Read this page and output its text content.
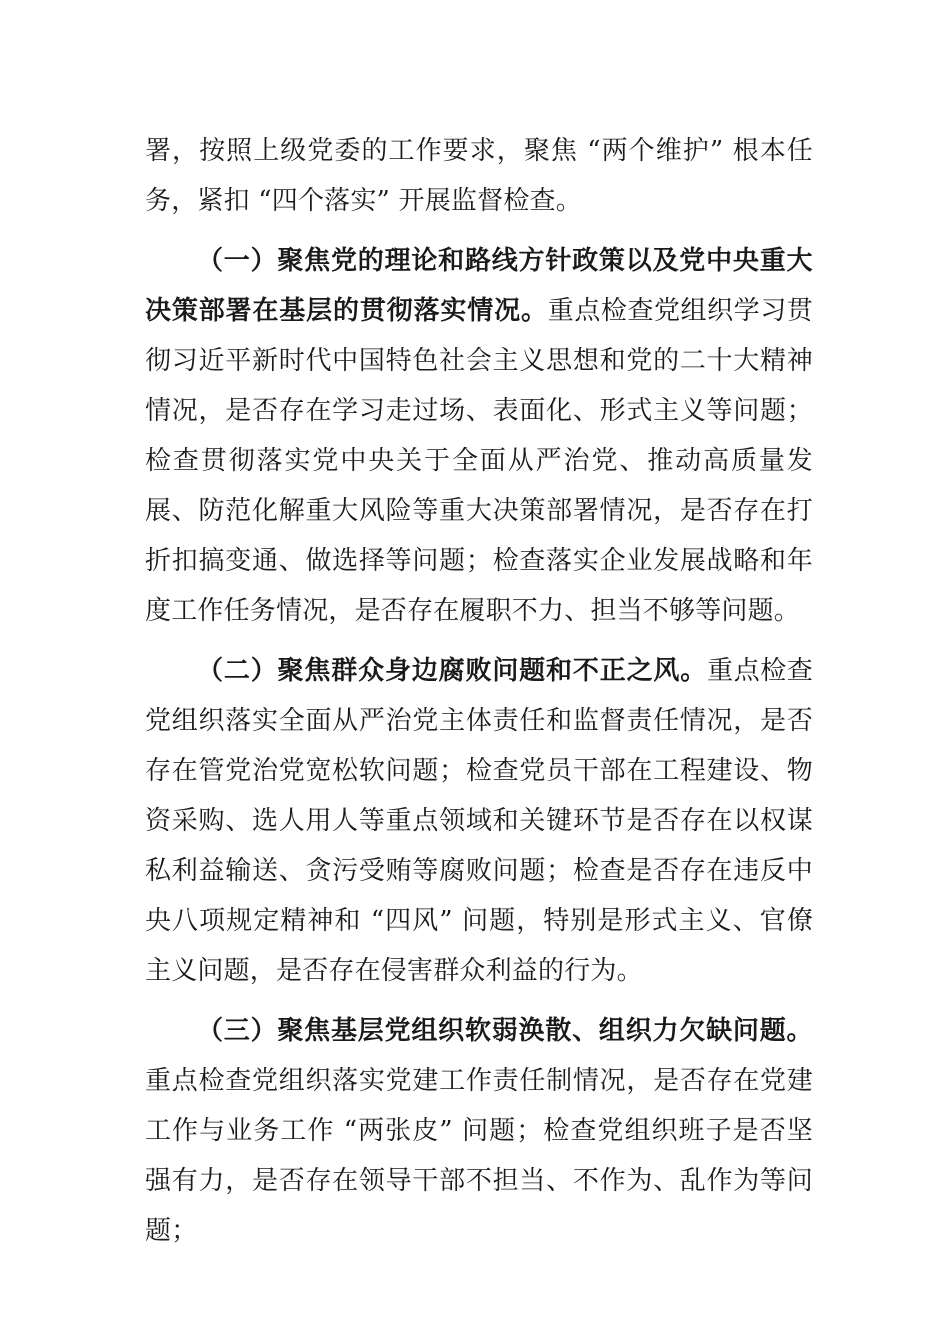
署，按照上级党委的工作要求，聚焦 “两个维护” 根本任务，紧扣 “四个落实” 开展监督检查。

（一）聚焦党的理论和路线方针政策以及党中央重大决策部署在基层的贯彻落实情况。重点检查党组织学习贯彻习近平新时代中国特色社会主义思想和党的二十大精神情况，是否存在学习走过场、表面化、形式主义等问题；检查贯彻落实党中央关于全面从严治党、推动高质量发展、防范化解重大风险等重大决策部署情况，是否存在打折扣搞变通、做选择等问题；检查落实企业发展战略和年度工作任务情况，是否存在履职不力、担当不够等问题。

（二）聚焦群众身边腐败问题和不正之风。重点检查党组织落实全面从严治党主体责任和监督责任情况，是否存在管党治党宽松软问题；检查党员干部在工程建设、物资采购、选人用人等重点领域和关键环节是否存在以权谋私利益输送、贪污受贿等腐败问题；检查是否存在违反中央八项规定精神和 “四风” 问题，特别是形式主义、官僚主义问题，是否存在侵害群众利益的行为。

（三）聚焦基层党组织软弱涣散、组织力欠缺问题。重点检查党组织落实党建工作责任制情况，是否存在党建工作与业务工作 “两张皮” 问题；检查党组织班子是否坚强有力，是否存在领导干部不担当、不作为、乱作为等问题；
